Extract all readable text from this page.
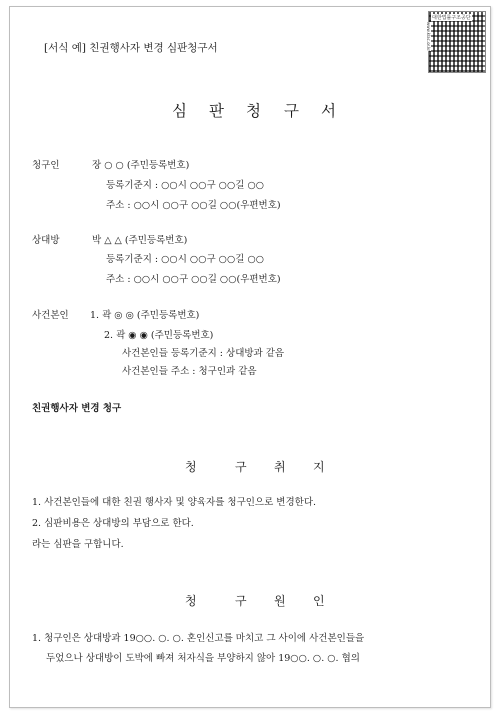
[서식 예] 친권행사자 변경 심판청구서
대한법률구조공단
www.klac.or.kr
심 판 청 구 서
청구인	장 ○ ○ (주민등록번호)
등록기준지 : ○○시 ○○구 ○○길 ○○
주소 : ○○시 ○○구 ○○길 ○○(우편번호)
상대방	박 △ △ (주민등록번호)
등록기준지 : ○○시 ○○구 ○○길 ○○
주소 : ○○시 ○○구 ○○길 ○○(우편번호)
사건본인 1. 곽 ◎ ◎ (주민등록번호)
2. 곽 ◉ ◉ (주민등록번호)
사건본인들 등록기준지 : 상대방과 같음
사건본인들 주소 : 청구인과 같음
친권행사자 변경 청구
청	구 취 지
1. 사건본인들에 대한 친권 행사자 및 양육자를 청구인으로 변경한다.
2. 심판비용은 상대방의 부담으로 한다.
라는 심판을 구합니다.
청	구 원 인
1. 청구인은 상대방과 19○○. ○. ○. 혼인신고를 마치고 그 사이에 사건본인들을
두었으나 상대방이 도박에 빠져 처자식을 부양하지 않아 19○○. ○. ○. 협의
